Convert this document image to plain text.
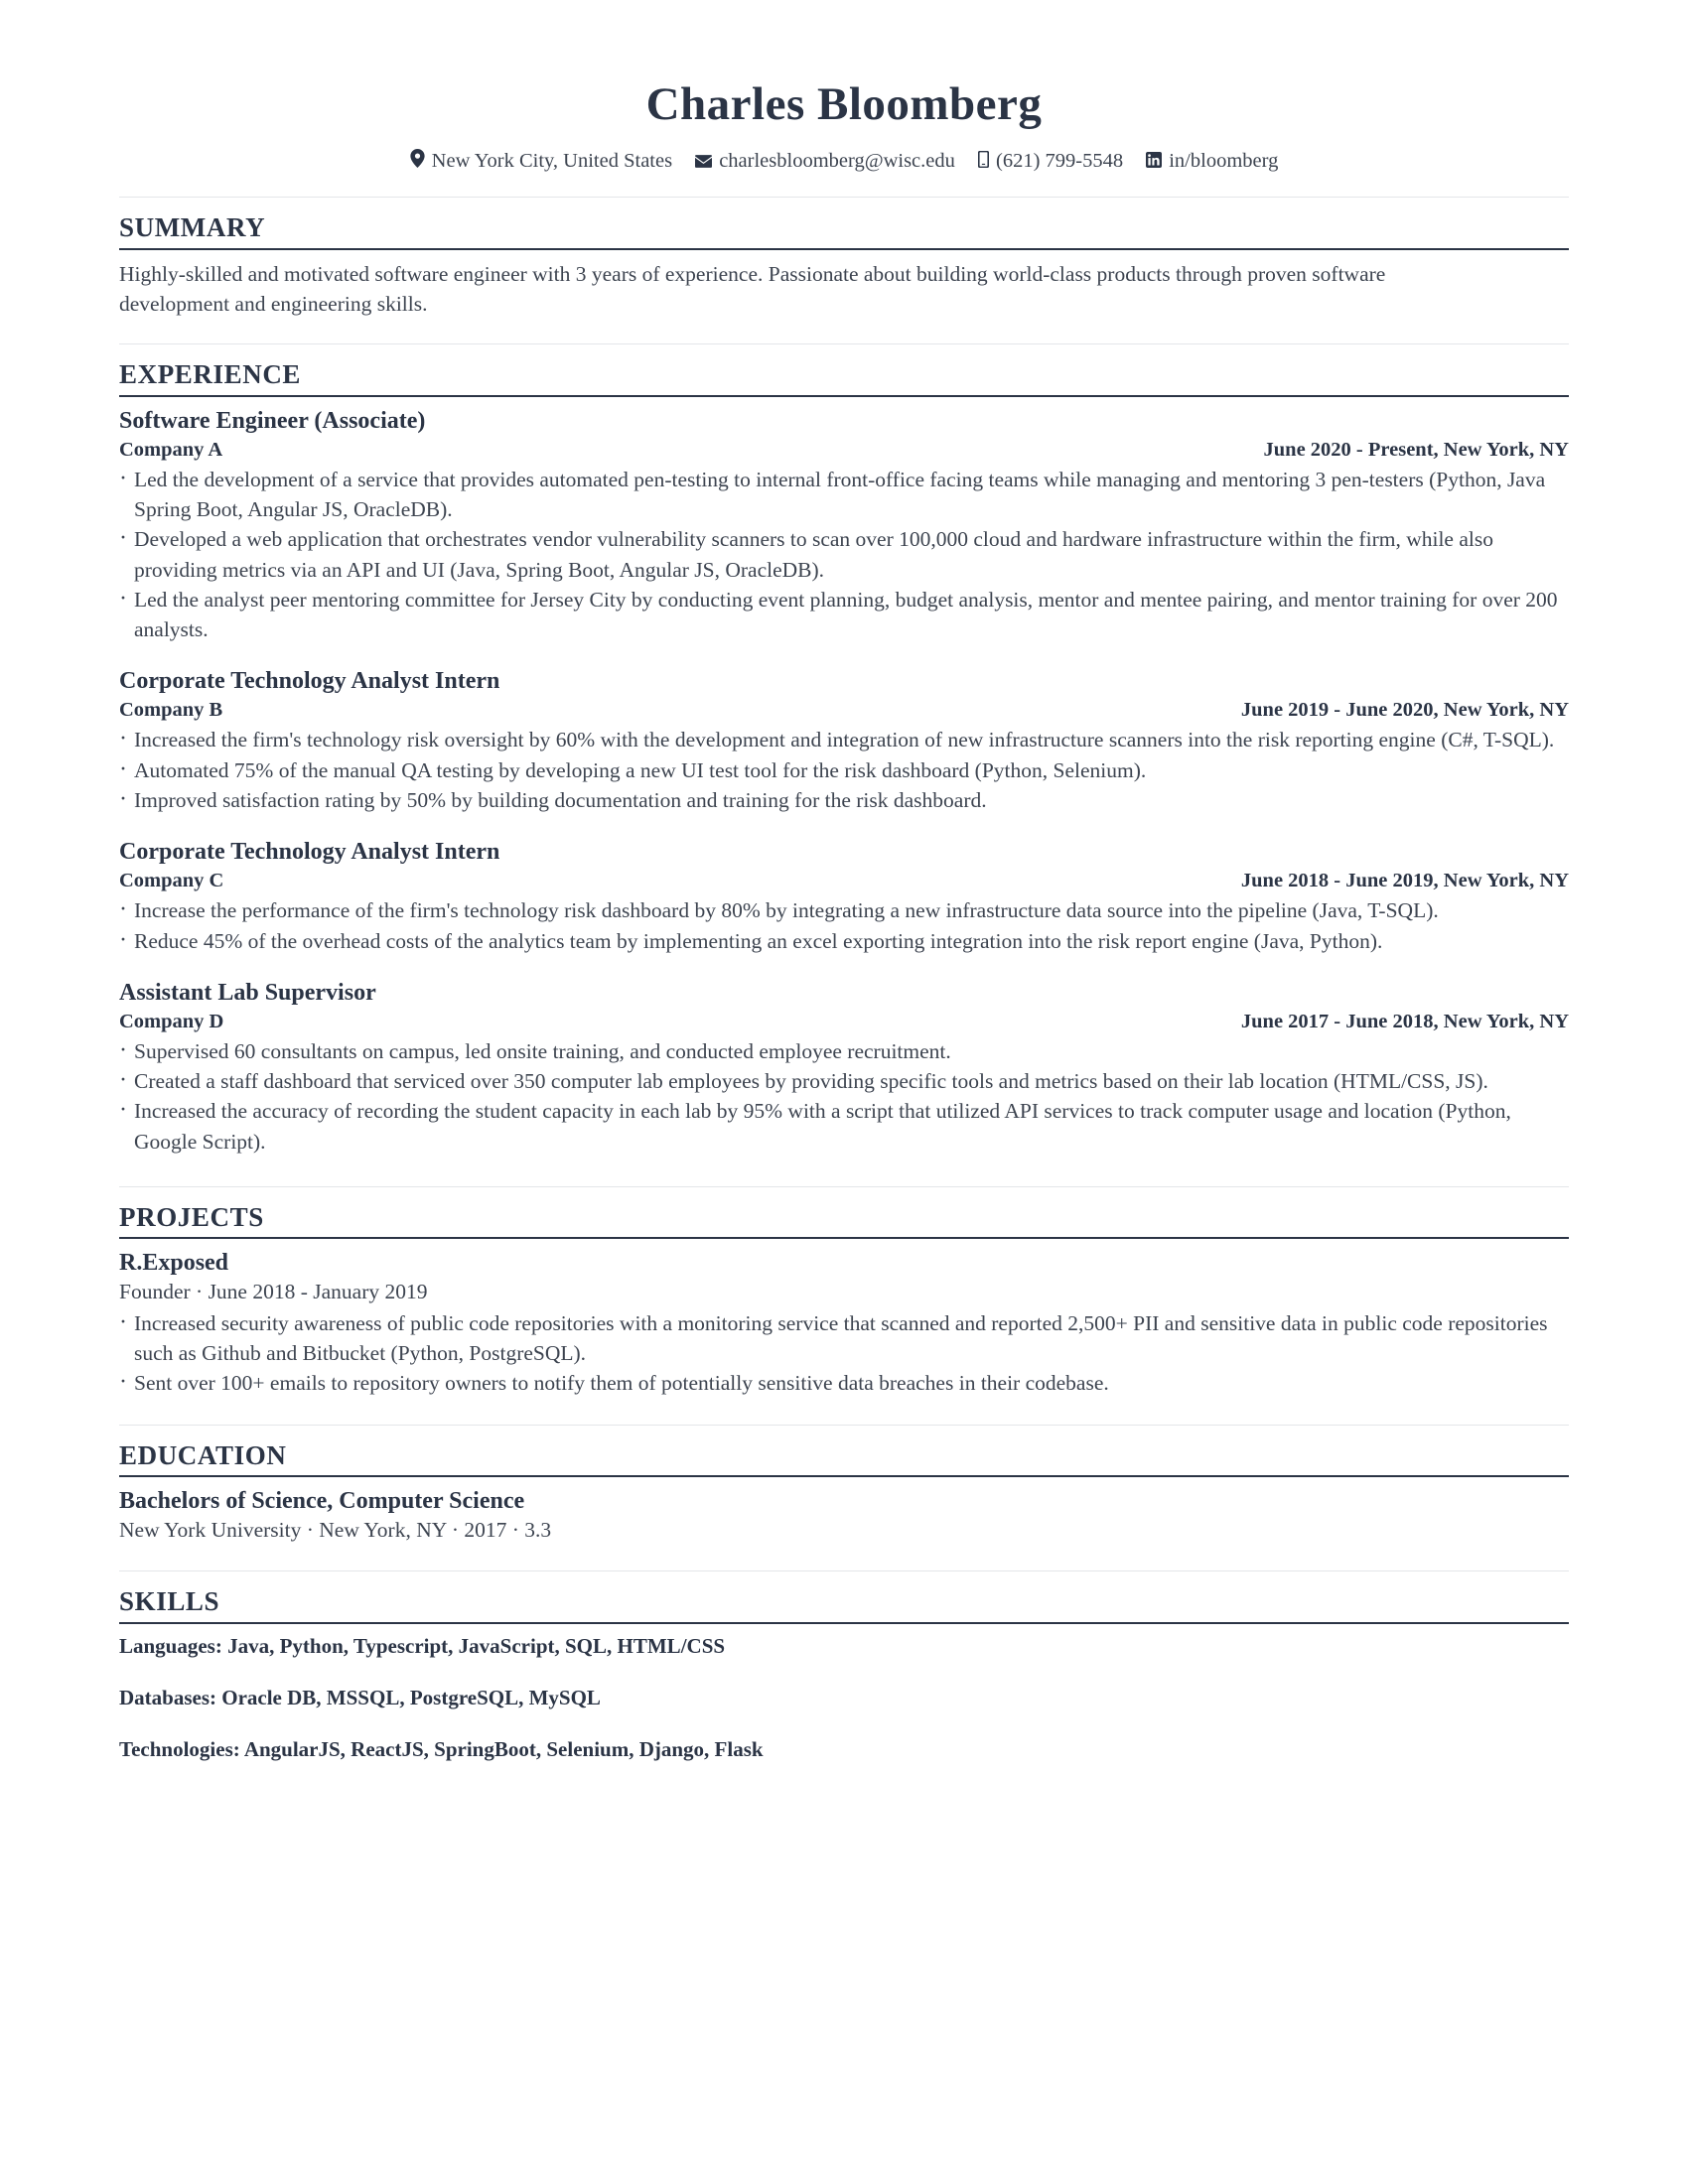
Charles Bloomberg
New York City, United States charlesbloomberg@wisc.edu (621) 799-5548 in/bloomberg
SUMMARY

Highly-skilled and motivated software engineer with 3 years of experience. Passionate about building world-class products through proven software development and engineering skills.

EXPERIENCE
Software Engineer (Associate)
Company A	June 2020 - Present, New York, NY
· Led the development of a service that provides automated pen-testing to internal front-office facing teams while managing and mentoring 3 pen-testers (Python, Java Spring Boot, Angular JS, OracleDB).
· Developed a web application that orchestrates vendor vulnerability scanners to scan over 100,000 cloud and hardware infrastructure within the firm, while also providing metrics via an API and UI (Java, Spring Boot, Angular JS, OracleDB).
· Led the analyst peer mentoring committee for Jersey City by conducting event planning, budget analysis, mentor and mentee pairing, and mentor training for over 200 analysts.
Corporate Technology Analyst Intern
Company B	June 2019 - June 2020, New York, NY
· Increased the firm's technology risk oversight by 60% with the development and integration of new infrastructure scanners into the risk reporting engine (C#, T-SQL).
· Automated 75% of the manual QA testing by developing a new UI test tool for the risk dashboard (Python, Selenium).
· Improved satisfaction rating by 50% by building documentation and training for the risk dashboard.
Corporate Technology Analyst Intern
Company C	June 2018 - June 2019, New York, NY
· Increase the performance of the firm's technology risk dashboard by 80% by integrating a new infrastructure data source into the pipeline (Java, T-SQL).
· Reduce 45% of the overhead costs of the analytics team by implementing an excel exporting integration into the risk report engine (Java, Python).
Assistant Lab Supervisor
Company D	June 2017 - June 2018, New York, NY
· Supervised 60 consultants on campus, led onsite training, and conducted employee recruitment.
· Created a staff dashboard that serviced over 350 computer lab employees by providing specific tools and metrics based on their lab location (HTML/CSS, JS).
· Increased the accuracy of recording the student capacity in each lab by 95% with a script that utilized API services to track computer usage and location (Python, Google Script).
PROJECTS
R.Exposed
Founder · June 2018 - January 2019
· Increased security awareness of public code repositories with a monitoring service that scanned and reported 2,500+ PII and sensitive data in public code repositories such as Github and Bitbucket (Python, PostgreSQL).
· Sent over 100+ emails to repository owners to notify them of potentially sensitive data breaches in their codebase.
EDUCATION
Bachelors of Science, Computer Science
New York University · New York, NY · 2017 · 3.3
SKILLS
Languages: Java, Python, Typescript, JavaScript, SQL, HTML/CSS
Databases: Oracle DB, MSSQL, PostgreSQL, MySQL
Technologies: AngularJS, ReactJS, SpringBoot, Selenium, Django, Flask
